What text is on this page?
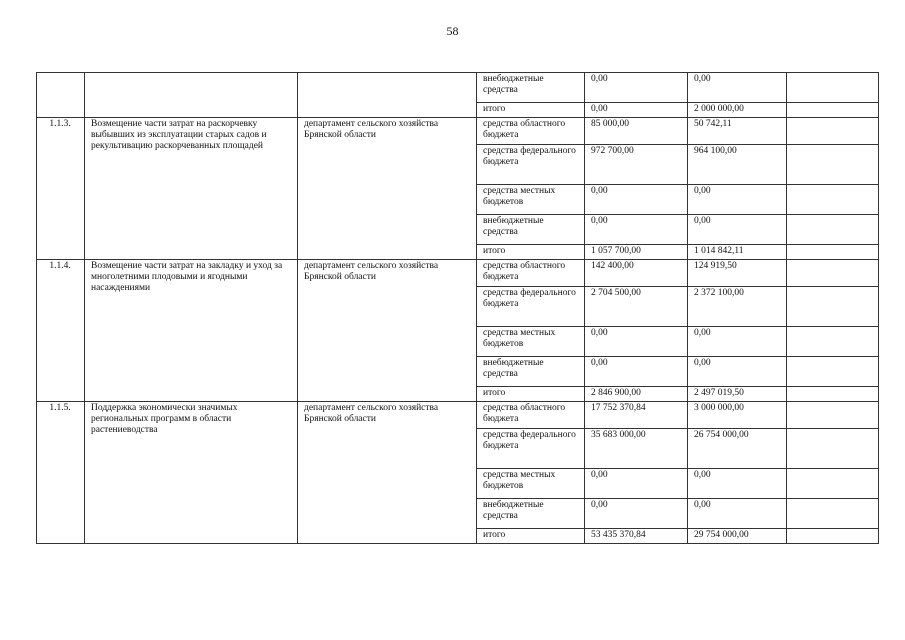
58
			внебюджетные средства	0,00	0,00	
			итого	0,00	2 000 000,00	
1.1.3.	Возмещение части затрат на раскорчевку выбывших из эксплуатации старых садов и рекультивацию раскорчеванных площадей	департамент сельского хозяйства Брянской области	средства областного бюджета	85 000,00	50 742,11	
			средства федерального бюджета	972 700,00	964 100,00	
			средства местных бюджетов	0,00	0,00	
			внебюджетные средства	0,00	0,00	
			итого	1 057 700,00	1 014 842,11	
1.1.4.	Возмещение части затрат на закладку и уход за многолетними плодовыми и ягодными насаждениями	департамент сельского хозяйства Брянской области	средства областного бюджета	142 400,00	124 919,50	
			средства федерального бюджета	2 704 500,00	2 372 100,00	
			средства местных бюджетов	0,00	0,00	
			внебюджетные средства	0,00	0,00	
			итого	2 846 900,00	2 497 019,50	
1.1.5.	Поддержка экономически значимых региональных программ в области растениеводства	департамент сельского хозяйства Брянской области	средства областного бюджета	17 752 370,84	3 000 000,00	
			средства федерального бюджета	35 683 000,00	26 754 000,00	
			средства местных бюджетов	0,00	0,00	
			внебюджетные средства	0,00	0,00	
			итого	53 435 370,84	29 754 000,00	
